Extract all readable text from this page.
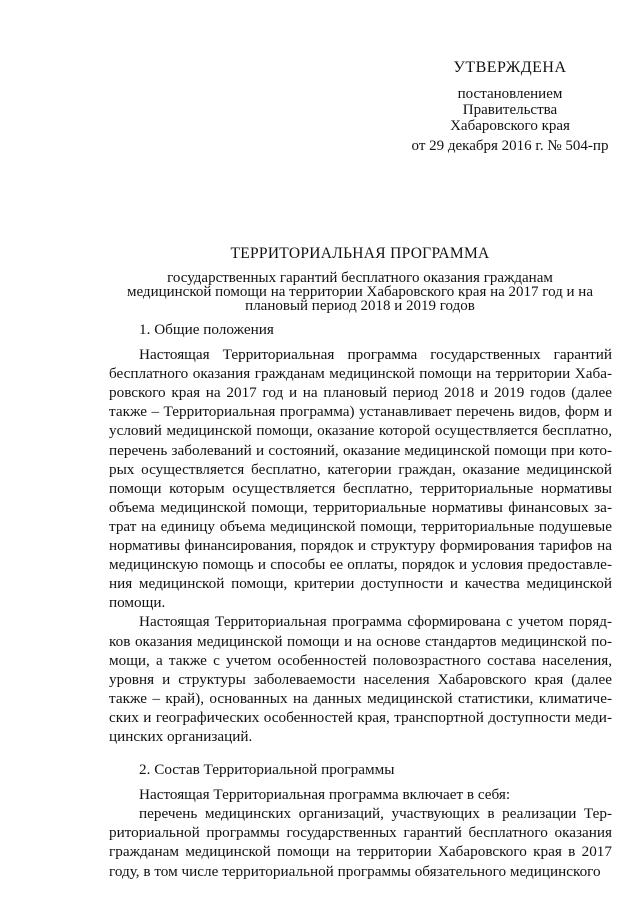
УТВЕРЖДЕНА
постановлением
Правительства
Хабаровского края
от 29 декабря 2016 г. № 504-пр

ТЕРРИТОРИАЛЬНАЯ ПРОГРАММА

государственных гарантий бесплатного оказания гражданам
медицинской помощи на территории Хабаровского края на 2017 год и на
плановый период 2018 и 2019 годов

1. Общие положения

Настоящая Территориальная программа государственных гарантий бесплатного оказания гражданам медицинской помощи на территории Хабаровского края на 2017 год и на плановый период 2018 и 2019 годов (далее также – Территориальная программа) устанавливает перечень видов, форм и условий медицинской помощи, оказание которой осуществляется бесплатно, перечень заболеваний и состояний, оказание медицинской помощи при которых осуществляется бесплатно, категории граждан, оказание медицинской помощи которым осуществляется бесплатно, территориальные нормативы объема медицинской помощи, территориальные нормативы финансовых затрат на единицу объема медицинской помощи, территориальные подушевые нормативы финансирования, порядок и структуру формирования тарифов на медицинскую помощь и способы ее оплаты, порядок и условия предоставления медицинской помощи, критерии доступности и качества медицинской помощи.

Настоящая Территориальная программа сформирована с учетом порядков оказания медицинской помощи и на основе стандартов медицинской помощи, а также с учетом особенностей половозрастного состава населения, уровня и структуры заболеваемости населения Хабаровского края (далее также – край), основанных на данных медицинской статистики, климатических и географических особенностей края, транспортной доступности медицинских организаций.

2. Состав Территориальной программы

Настоящая Территориальная программа включает в себя:

перечень медицинских организаций, участвующих в реализации Территориальной программы государственных гарантий бесплатного оказания гражданам медицинской помощи на территории Хабаровского края в 2017 году, в том числе территориальной программы обязательного медицинского
